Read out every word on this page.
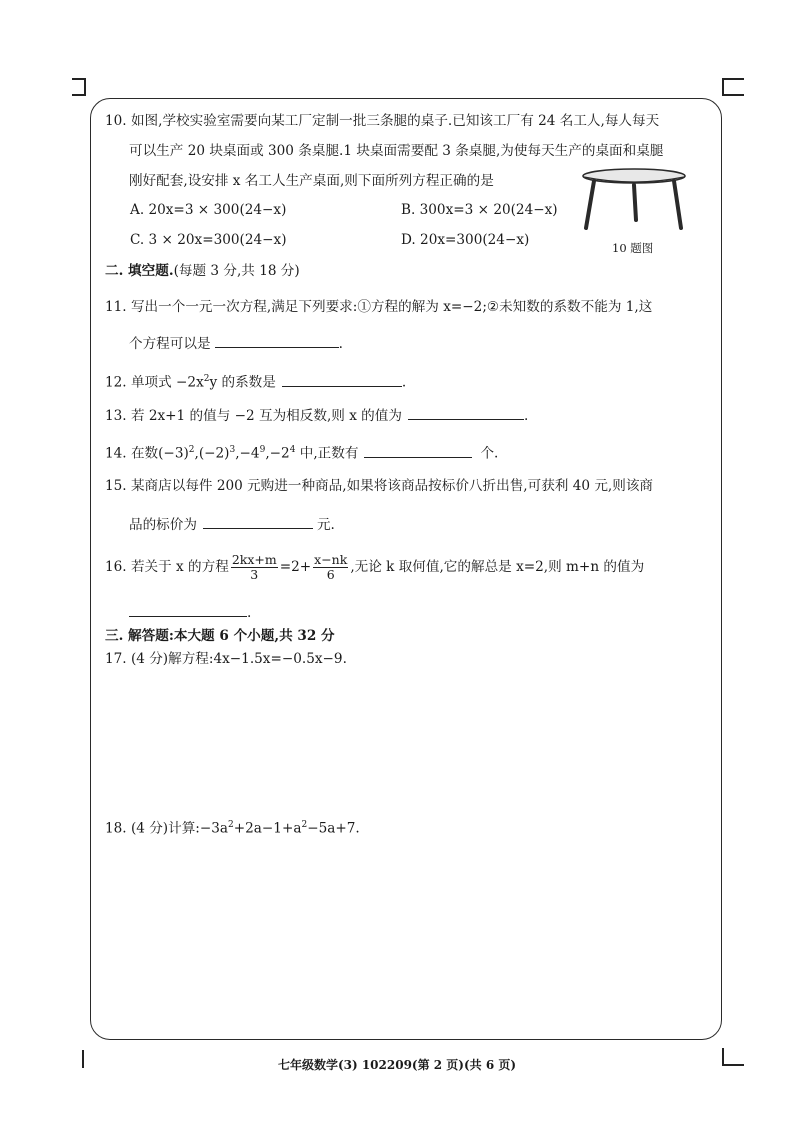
10. 如图,学校实验室需要向某工厂定制一批三条腿的桌子.已知该工厂有 24 名工人,每人每天
可以生产 20 块桌面或 300 条桌腿.1 块桌面需要配 3 条桌腿,为使每天生产的桌面和桌腿
刚好配套,设安排 x 名工人生产桌面,则下面所列方程正确的是
A. 20x=3 × 300(24−x)	B. 300x=3 × 20(24−x)
C. 3 × 20x=300(24−x)	D. 20x=300(24−x)	10 题图
二. 填空题.(每题 3 分,共 18 分)
11. 写出一个一元一次方程,满足下列要求:①方程的解为 x=−2;②未知数的系数不能为 1,这
个方程可以是	.
12. 单项式 $-2x^2y$ 的系数是	.
13. 若 2x+1 的值与 −2 互为相反数,则 x 的值为	.
14. 在数$(-3)^2,(-2)^3,-4^9,-2^4$ 中,正数有	个.
15. 某商店以每件 200 元购进一种商品,如果将该商品按标价八折出售,可获利 40 元,则该商
品的标价为	元.
16. 若关于 x 的方程 $\frac{2kx+m}{3} =2+ \frac{x-nk}{6}$ ,无论 k 取何值,它的解总是 x=2,则 m+n 的值为
.
三. 解答题:本大题 6 个小题,共 32 分
17. (4 分)解方程:4x−1.5x=−0.5x−9.
18. (4 分)计算$:-3a^2+2a-1+a^2-5a+7$.
七年级数学(3) 102209(第 2 页)(共 6 页)
